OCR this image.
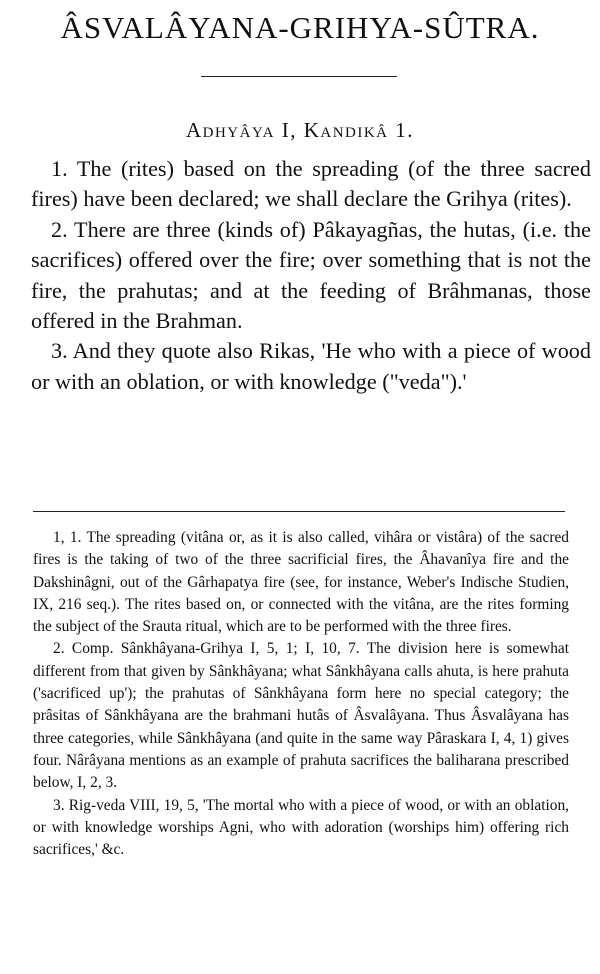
ÂSVALÂYANA-GRIHYA-SÛTRA.
Adhyâya I, Kandikâ 1.

1. The (rites) based on the spreading (of the three sacred fires) have been declared; we shall declare the Grihya (rites).

2. There are three (kinds of) Pâkayagñas, the hutas, (i.e. the sacrifices) offered over the fire; over something that is not the fire, the prahutas; and at the feeding of Brâhmanas, those offered in the Brahman.

3. And they quote also Rikas, 'He who with a piece of wood or with an oblation, or with knowledge ("veda").'

1, 1. The spreading (vitâna or, as it is also called, vihâra or vistâra) of the sacred fires is the taking of two of the three sacrificial fires, the Âhavanîya fire and the Dakshinâgni, out of the Gârhapatya fire (see, for instance, Weber's Indische Studien, IX, 216 seq.). The rites based on, or connected with the vitâna, are the rites forming the subject of the Srauta ritual, which are to be performed with the three fires.

2. Comp. Sânkhâyana-Grihya I, 5, 1; I, 10, 7. The division here is somewhat different from that given by Sânkhâyana; what Sânkhâyana calls ahuta, is here prahuta ('sacrificed up'); the prahutas of Sânkhâyana form here no special category; the prâsitas of Sânkhâyana are the brahmani hutâs of Âsvalâyana. Thus Âsvalâyana has three categories, while Sânkhâyana (and quite in the same way Pâraskara I, 4, 1) gives four. Nârâyana mentions as an example of prahuta sacrifices the baliharana prescribed below, I, 2, 3.

3. Rig-veda VIII, 19, 5, 'The mortal who with a piece of wood, or with an oblation, or with knowledge worships Agni, who with adoration (worships him) offering rich sacrifices,' &c.
